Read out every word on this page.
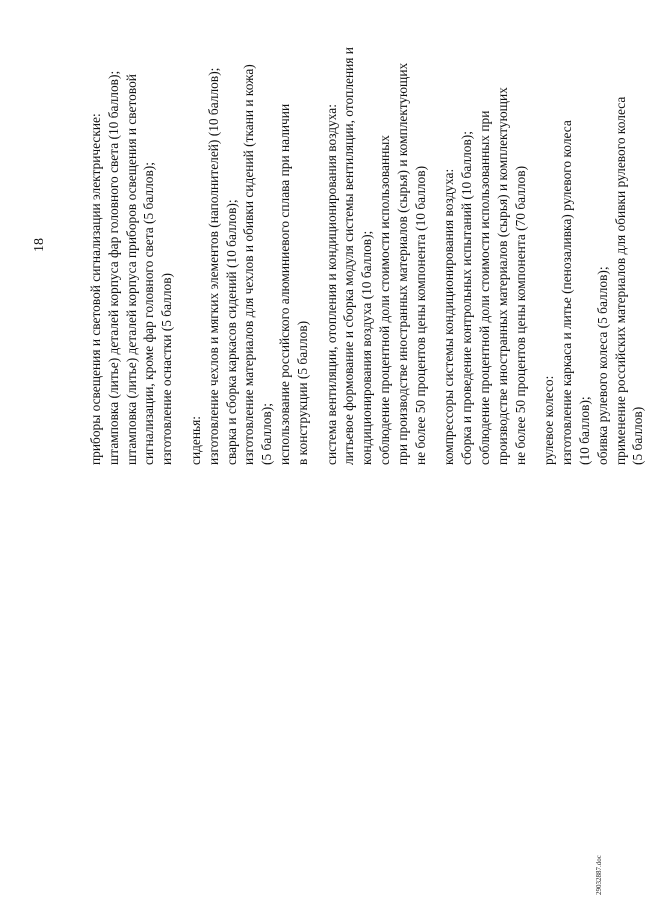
18	приборы освещения и световой сигнализации электрические: штамповка (литье) деталей корпуса фар головного света (10 баллов); штамповка (литье) деталей корпуса приборов освещения и световой сигнализации, кроме фар головного света (5 баллов); изготовление оснастки (5 баллов) сиденья: изготовление чехлов и мягких элементов (наполнителей) (10 баллов); сварка и сборка каркасов сидений (10 баллов); изготовление материалов для чехлов и обивки сидений (ткани и кожа) (5 баллов); использование российского алюминиевого сплава при наличии в конструкции (5 баллов) система вентиляции, отопления и кондиционирования воздуха: литьевое формование и сборка модуля системы вентиляции, отопления и кондиционирования воздуха (10 баллов); соблюдение процентной доли стоимости использованных при производстве иностранных материалов (сырья) и комплектующих не более 50 процентов цены компонента (10 баллов) компрессоры системы кондиционирования воздуха: сборка и проведение контрольных испытаний (10 баллов); соблюдение процентной доли стоимости использованных при производстве иностранных материалов (сырья) и комплектующих не более 50 процентов цены компонента (70 баллов) рулевое колесо: изготовление каркаса и литье (пенозаливка) рулевого колеса (10 баллов); обивка рулевого колеса (5 баллов); применение российских материалов для обивки рулевого колеса (5 баллов)
29032887.doc
